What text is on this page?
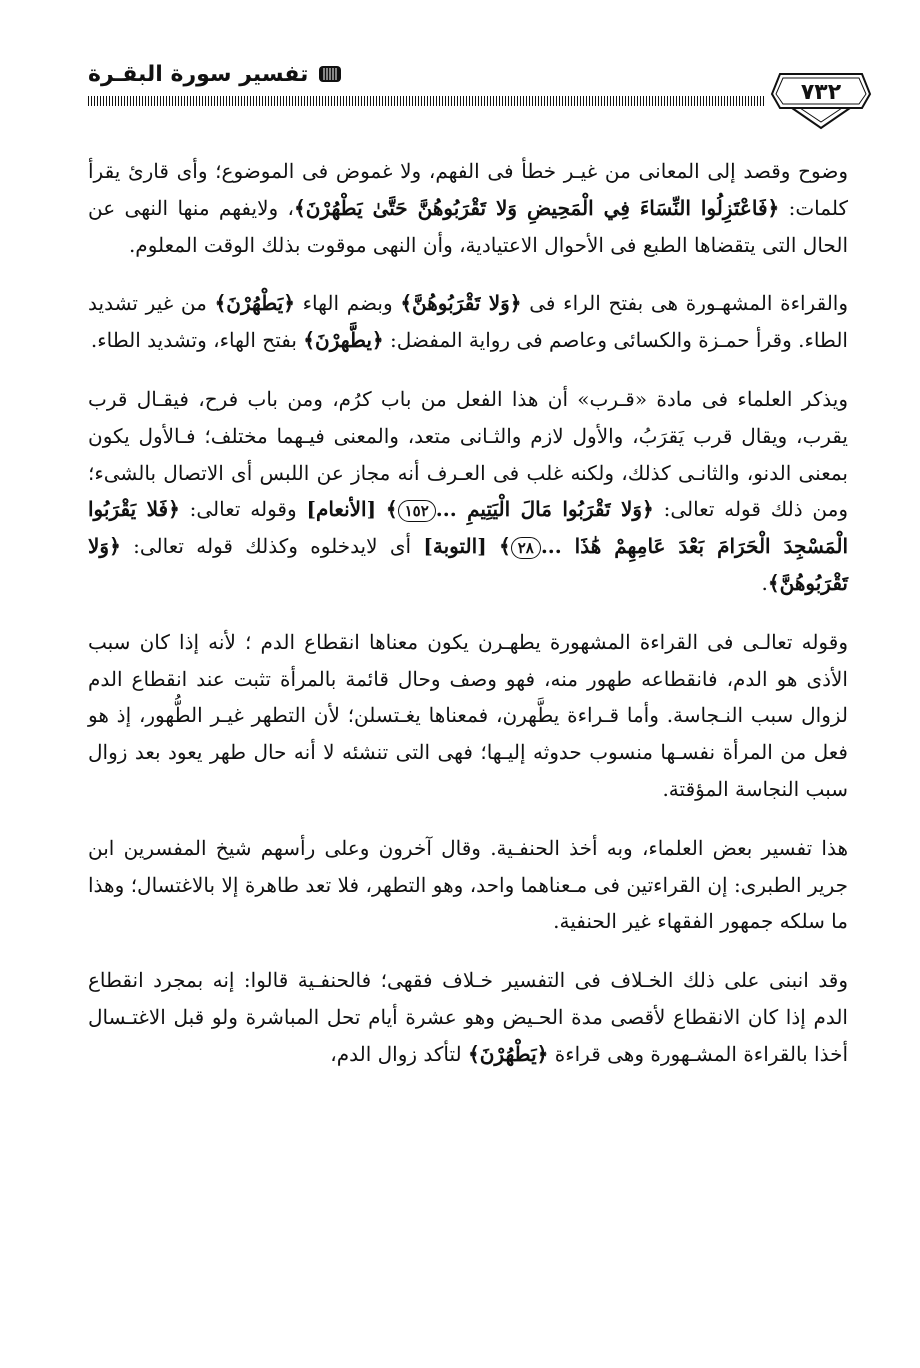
تفسير سورة البقـرة
٧٣٢

وضوح وقصد إلى المعانى من غيـر خطأ فى الفهم، ولا غموض فى الموضوع؛ وأى قارئ يقرأ كلمات: ﴿فَاعْتَزِلُوا النِّسَاءَ فِي الْمَحِيضِ وَلا تَقْرَبُوهُنَّ حَتَّىٰ يَطْهُرْنَ﴾، ولايفهم منها النهى عن الحال التى يتقضاها الطبع فى الأحوال الاعتيادية، وأن النهى موقوت بذلك الوقت المعلوم.

والقراءة المشهـورة هى بفتح الراء فى ﴿وَلا تَقْرَبُوهُنَّ﴾ وبضم الهاء ﴿يَطْهُرْنَ﴾ من غير تشديد الطاء. وقرأ حمـزة والكسائى وعاصم فى رواية المفضل: ﴿يطَّهرْنَ﴾ بفتح الهاء، وتشديد الطاء.

ويذكر العلماء فى مادة «قـرب» أن هذا الفعل من باب كرُم، ومن باب فرح، فيقـال قرب يقرب، ويقال قرب يَقرَبُ، والأول لازم والثـانى متعد، والمعنى فيـهما مختلف؛ فـالأول يكون بمعنى الدنو، والثانـى كذلك، ولكنه غلب فى العـرف أنه مجاز عن اللبس أى الاتصال بالشىء؛ ومن ذلك قوله تعالى: ﴿وَلا تَقْرَبُوا مَالَ الْيَتِيمِ ...١٥٢﴾ [الأنعام] وقوله تعالى: ﴿فَلا يَقْرَبُوا الْمَسْجِدَ الْحَرَامَ بَعْدَ عَامِهِمْ هَٰذَا ...٢٨﴾ [التوبة] أى لايدخلوه وكذلك قوله تعالى: ﴿وَلا تَقْرَبُوهُنَّ﴾.

وقوله تعالـى فى القراءة المشهورة يطهـرن يكون معناها انقطاع الدم ؛ لأنه إذا كان سبب الأذى هو الدم، فانقطاعه طهور منه، فهو وصف وحال قائمة بالمرأة تثبت عند انقطاع الدم لزوال سبب النـجاسة. وأما قـراءة يطَّهرن، فمعناها يغـتسلن؛ لأن التطهر غيـر الطُّهور، إذ هو فعل من المرأة نفسـها منسوب حدوثه إليـها؛ فهى التى تنشئه لا أنه حال طهر يعود بعد زوال سبب النجاسة المؤقتة.

هذا تفسير بعض العلماء، وبه أخذ الحنفـية. وقال آخرون وعلى رأسهم شيخ المفسرين ابن جرير الطبرى: إن القراءتين فى مـعناهما واحد، وهو التطهر، فلا تعد طاهرة إلا بالاغتسال؛ وهذا ما سلكه جمهور الفقهاء غير الحنفية.

وقد انبنى على ذلك الخـلاف فى التفسير خـلاف فقهى؛ فالحنفـية قالوا: إنه بمجرد انقطاع الدم إذا كان الانقطاع لأقصى مدة الحـيض وهو عشرة أيام تحل المباشرة ولو قبل الاغتـسال أخذا بالقراءة المشـهورة وهى قراءة ﴿يَطْهُرْنَ﴾ لتأكد زوال الدم،
